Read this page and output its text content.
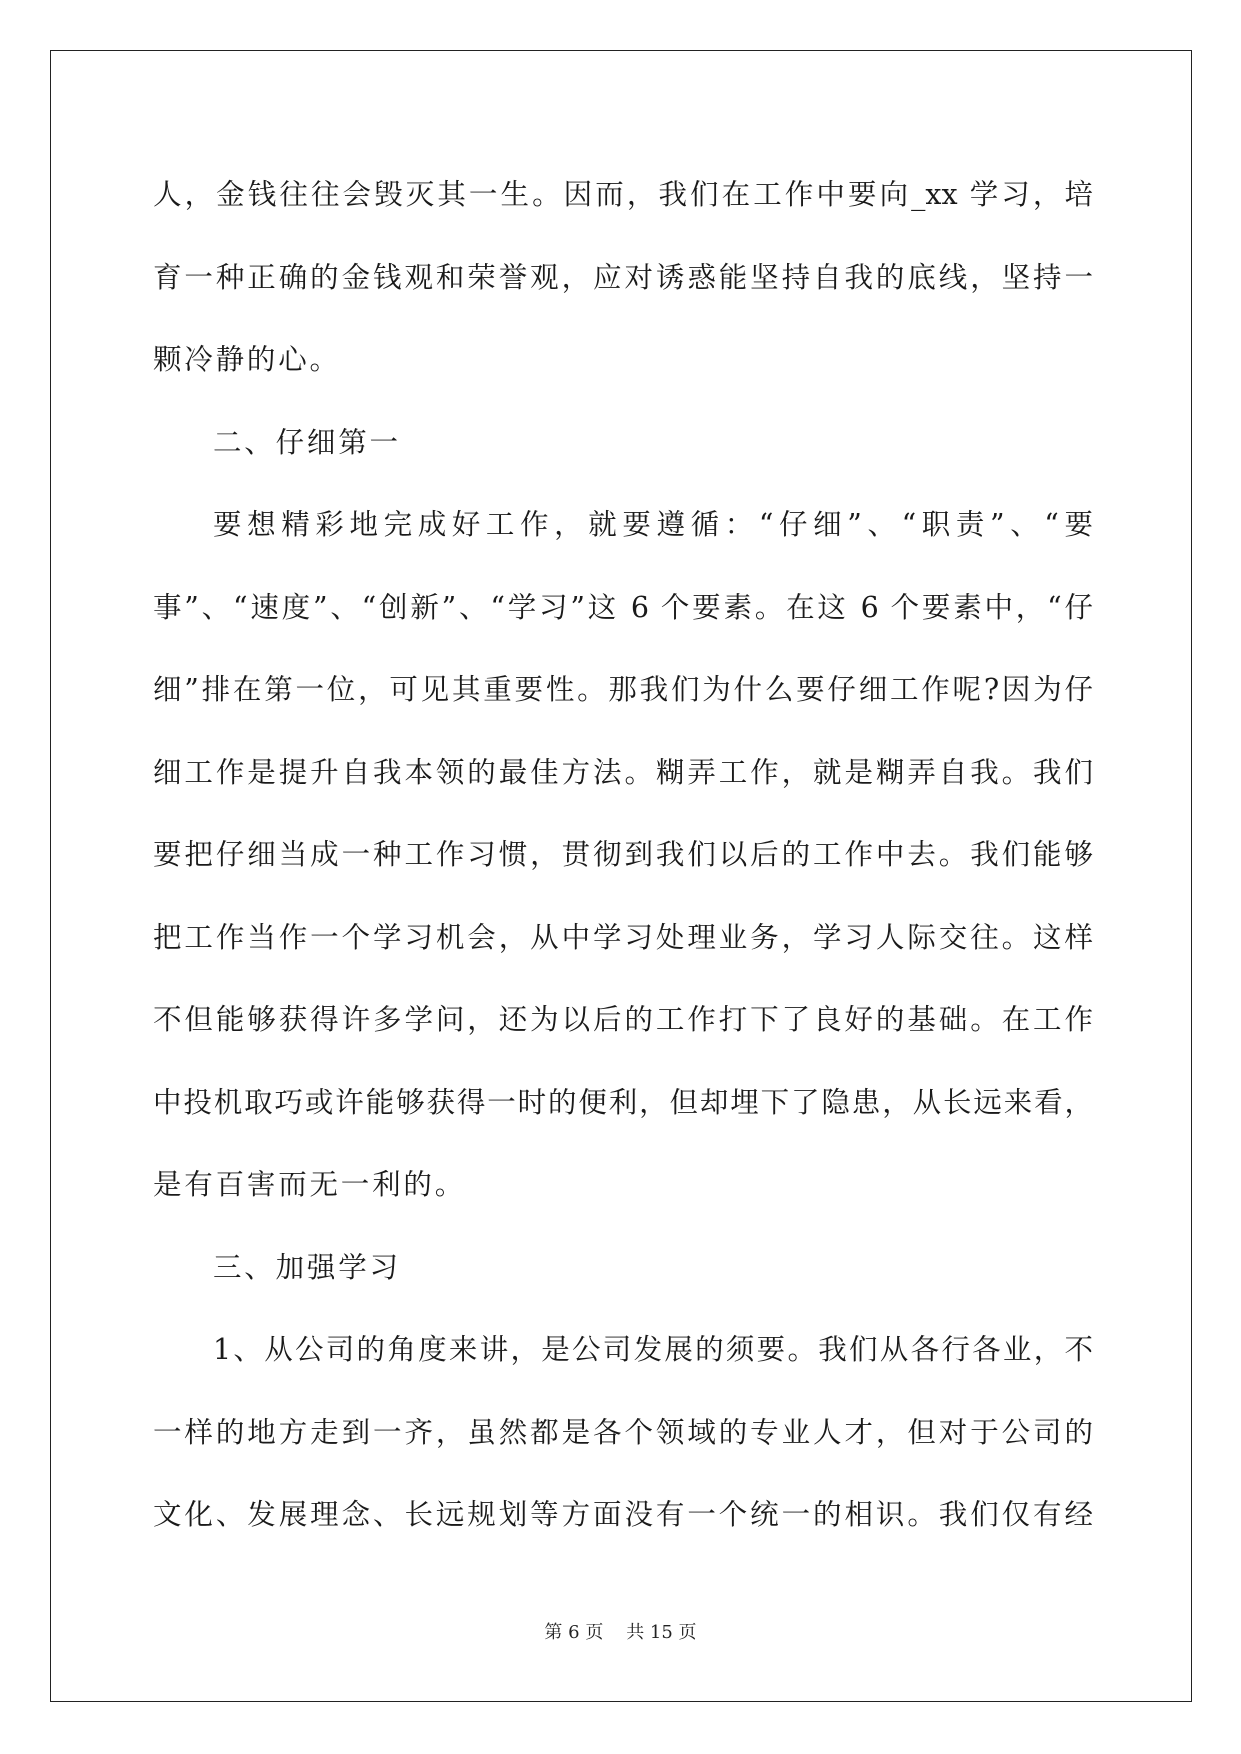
人，金钱往往会毁灭其一生。因而，我们在工作中要向_xx 学习，培
育一种正确的金钱观和荣誉观，应对诱惑能坚持自我的底线，坚持一
颗冷静的心。
二、仔细第一
要想精彩地完成好工作，就要遵循：“仔细”、“职责”、“要
事”、“速度”、“创新”、“学习”这 6 个要素。在这 6 个要素中，“仔
细”排在第一位，可见其重要性。那我们为什么要仔细工作呢?因为仔
细工作是提升自我本领的最佳方法。糊弄工作，就是糊弄自我。我们
要把仔细当成一种工作习惯，贯彻到我们以后的工作中去。我们能够
把工作当作一个学习机会，从中学习处理业务，学习人际交往。这样
不但能够获得许多学问，还为以后的工作打下了良好的基础。在工作
中投机取巧或许能够获得一时的便利，但却埋下了隐患，从长远来看，
是有百害而无一利的。
三、加强学习
1、从公司的角度来讲，是公司发展的须要。我们从各行各业，不
一样的地方走到一齐，虽然都是各个领域的专业人才，但对于公司的
文化、发展理念、长远规划等方面没有一个统一的相识。我们仅有经
第 6 页    共 15 页
